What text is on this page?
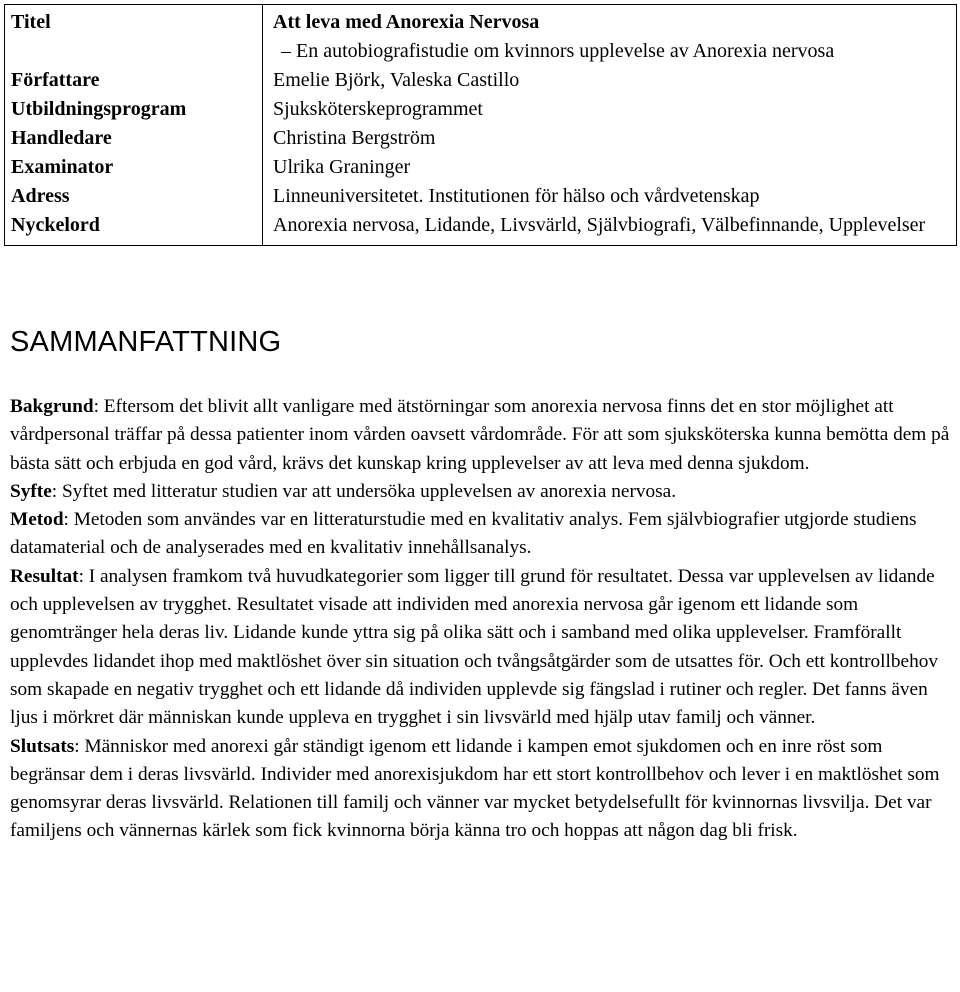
Titel	Att leva med Anorexia Nervosa
– En autobiografistudie om kvinnors upplevelse av Anorexia nervosa

Författare	Emelie Björk, Valeska Castillo
Utbildningsprogram	Sjuksköterskeprogrammet
Handledare	Christina Bergström
Examinator	Ulrika Graninger
Adress	Linneuniversitetet. Institutionen för hälso och vårdvetenskap
Nyckelord	Anorexia nervosa, Lidande, Livsvärld, Självbiografi, Välbefinnande, Upplevelser
SAMMANFATTNING

Bakgrund: Eftersom det blivit allt vanligare med ätstörningar som anorexia nervosa finns det en stor möjlighet att vårdpersonal träffar på dessa patienter inom vården oavsett vårdområde. För att som sjuksköterska kunna bemötta dem på bästa sätt och erbjuda en god vård, krävs det kunskap kring upplevelser av att leva med denna sjukdom.

Syfte: Syftet med litteratur studien var att undersöka upplevelsen av anorexia nervosa.

Metod: Metoden som användes var en litteraturstudie med en kvalitativ analys. Fem självbiografier utgjorde studiens datamaterial och de analyserades med en kvalitativ innehållsanalys.

Resultat: I analysen framkom två huvudkategorier som ligger till grund för resultatet. Dessa var upplevelsen av lidande och upplevelsen av trygghet. Resultatet visade att individen med anorexia nervosa går igenom ett lidande som genomtränger hela deras liv. Lidande kunde yttra sig på olika sätt och i samband med olika upplevelser. Framförallt upplevdes lidandet ihop med maktlöshet över sin situation och tvångsåtgärder som de utsattes för. Och ett kontrollbehov som skapade en negativ trygghet och ett lidande då individen upplevde sig fängslad i rutiner och regler. Det fanns även ljus i mörkret där människan kunde uppleva en trygghet i sin livsvärld med hjälp utav familj och vänner.

Slutsats: Människor med anorexi går ständigt igenom ett lidande i kampen emot sjukdomen och en inre röst som begränsar dem i deras livsvärld. Individer med anorexisjukdom har ett stort kontrollbehov och lever i en maktlöshet som genomsyrar deras livsvärld. Relationen till familj och vänner var mycket betydelsefullt för kvinnornas livsvilja. Det var familjens och vännernas kärlek som fick kvinnorna börja känna tro och hoppas att någon dag bli frisk.
